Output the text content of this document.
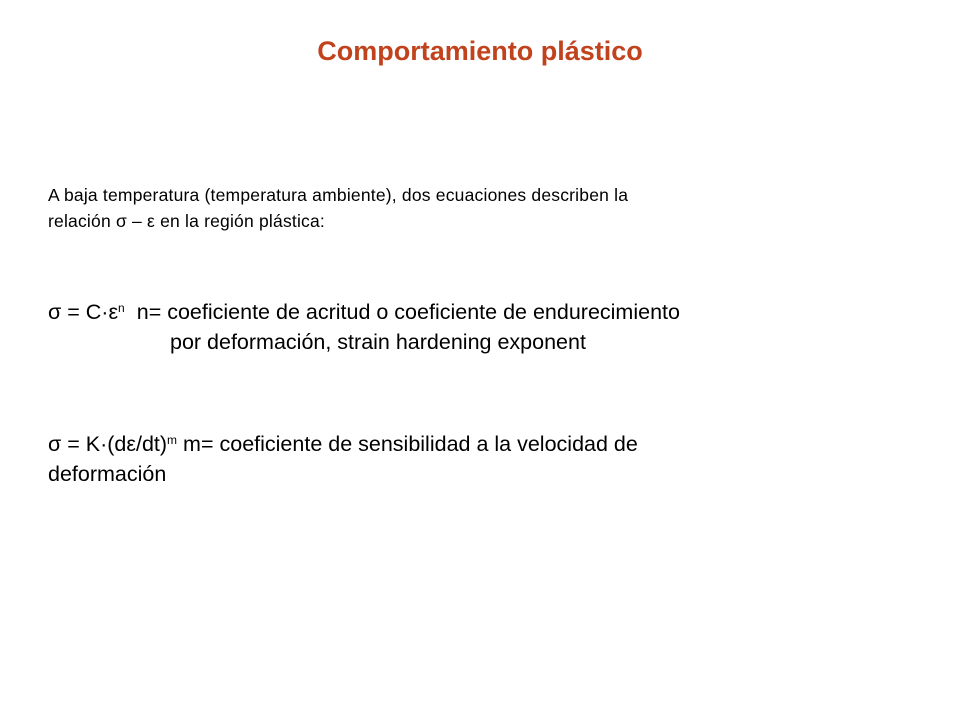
Comportamiento plástico
A baja temperatura (temperatura ambiente), dos ecuaciones describen la
relación σ – ε en la región plástica:
$\sigma = C\cdot\varepsilon^n$ n= coeficiente de acritud o coeficiente de endurecimiento
por deformación, strain hardening exponent
$\sigma = K\cdot(d\varepsilon/dt)^m$ m= coeficiente de sensibilidad a la velocidad de
deformación
